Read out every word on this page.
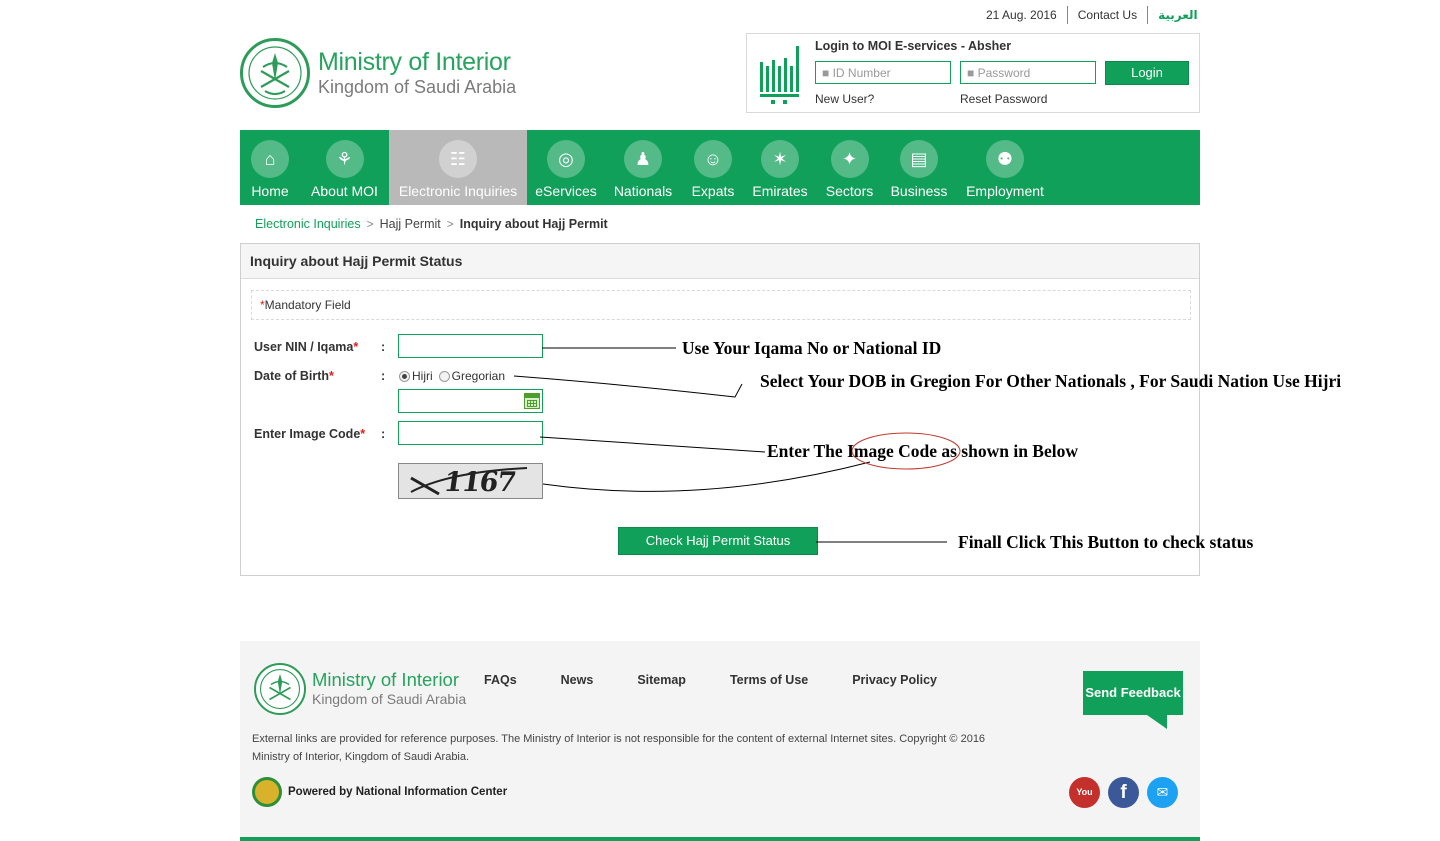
21 Aug. 2016	Contact Us	العربية
Ministry of Interior
Kingdom of Saudi Arabia
Login to MOI E-services - Absher
■ ID Number	■ Password	Login
New User?	Reset Password
⌂
Home
⚘
About MOI
☷
Electronic Inquiries
◎
eServices
♟
Nationals
☺
Expats
✶
Emirates
✦
Sectors
▤
Business
⚉
Employment
Electronic Inquiries > Hajj Permit > Inquiry about Hajj Permit
Inquiry about Hajj Permit Status
*Mandatory Field
User NIN / Iqama* :
Date of Birth*	: Hijri Gregorian
Enter Image Code* :
1167
Check Hajj Permit Status
Use Your Iqama No or National ID
Select Your DOB in Gregion For Other Nationals , For Saudi Nation Use Hijri
Enter The Image Code as shown in Below
Finall Click This Button to check status
Ministry of Interior
Kingdom of Saudi Arabia
FAQs	News	Sitemap	Terms of Use	Privacy Policy
Send Feedback
External links are provided for reference purposes. The Ministry of Interior is not responsible for the content of external Internet sites. Copyright © 2016 Ministry of Interior, Kingdom of Saudi Arabia.
Powered by National Information Center	You	f	✉
